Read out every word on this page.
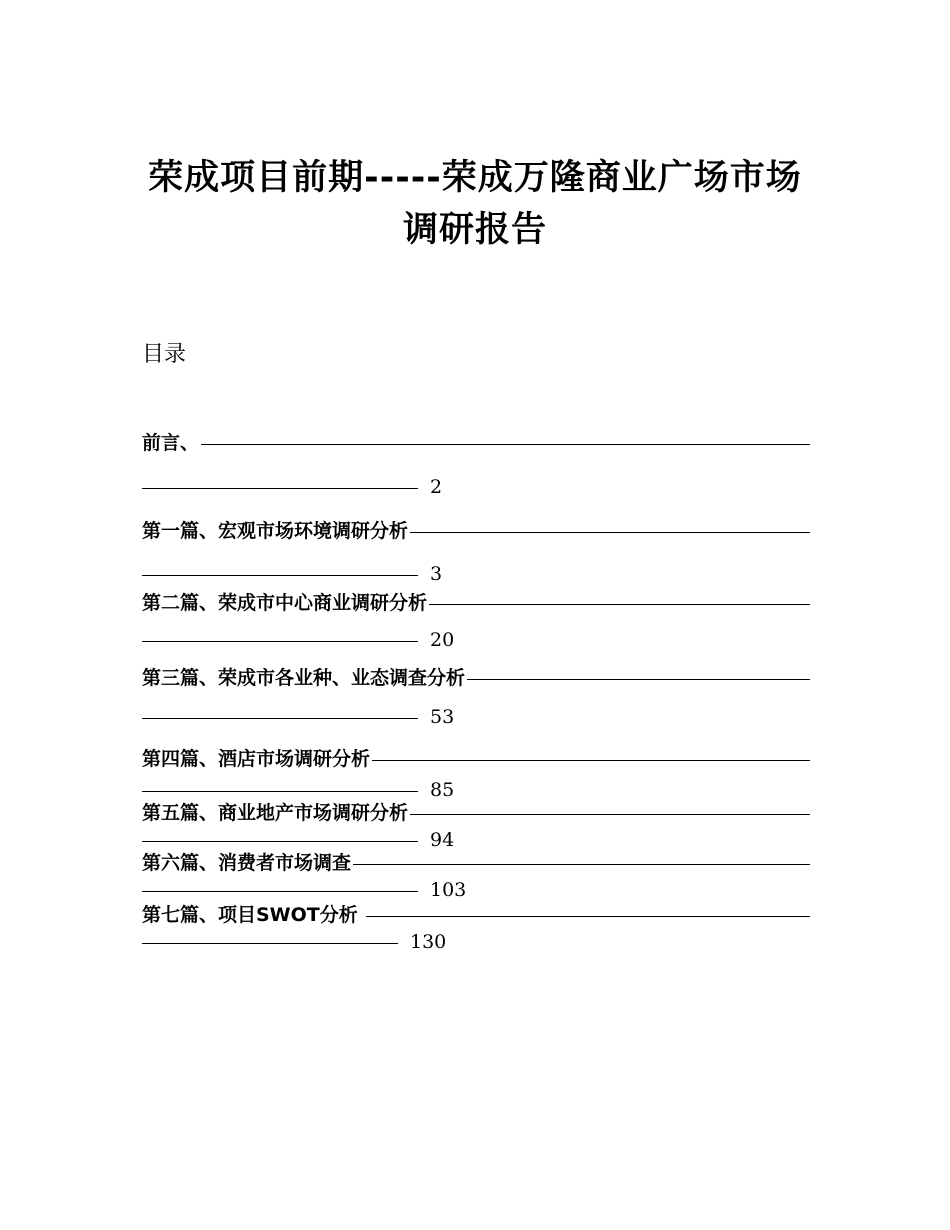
荣成项目前期-----荣成万隆商业广场市场
调研报告
目录
前言、
2
第一篇、宏观市场环境调研分析
3
第二篇、荣成市中心商业调研分析
20
第三篇、荣成市各业种、业态调查分析
53
第四篇、酒店市场调研分析
85
第五篇、商业地产市场调研分析
94
第六篇、消费者市场调查
103
第七篇、项目SWOT分析
130
